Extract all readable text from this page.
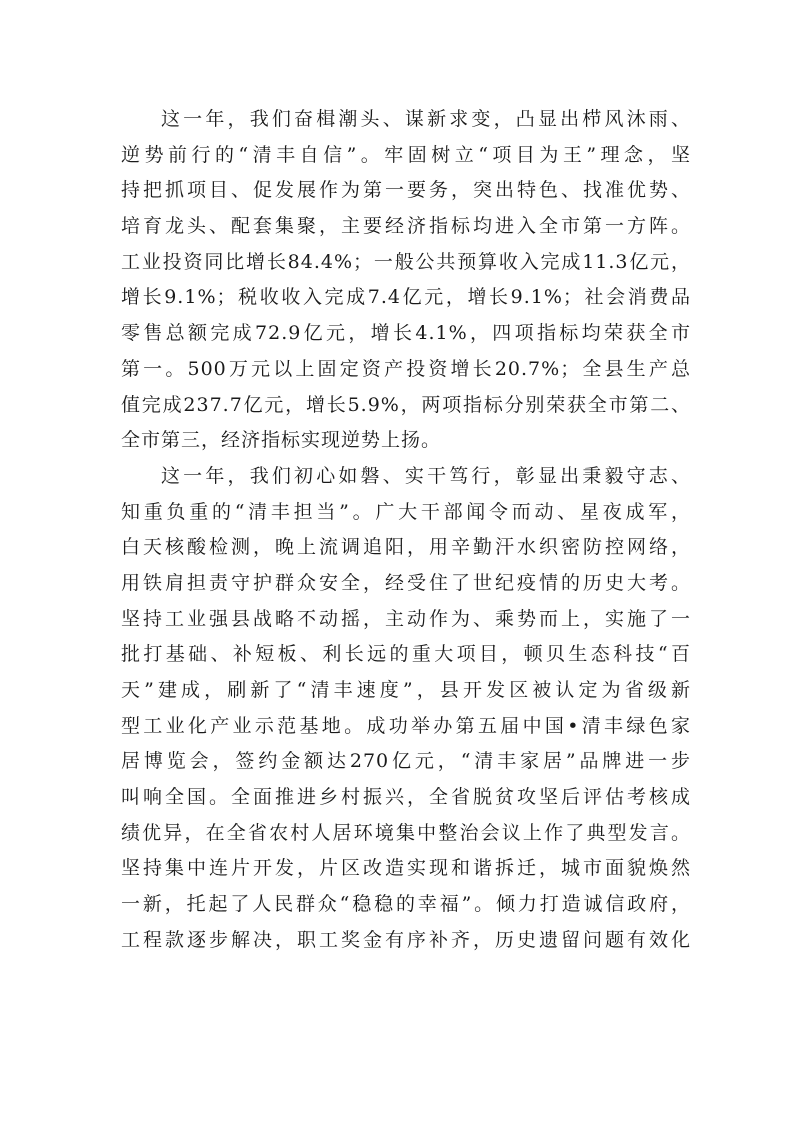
这一年，我们奋楫潮头、谋新求变，凸显出栉风沐雨、
逆势前行的“清丰自信”。牢固树立“项目为王”理念，坚
持把抓项目、促发展作为第一要务，突出特色、找准优势、
培育龙头、配套集聚，主要经济指标均进入全市第一方阵。
工业投资同比增长84.4%；一般公共预算收入完成11.3亿元，
增长9.1%；税收收入完成7.4亿元，增长9.1%；社会消费品
零售总额完成72.9亿元，增长4.1%，四项指标均荣获全市
第一。500万元以上固定资产投资增长20.7%；全县生产总
值完成237.7亿元，增长5.9%，两项指标分别荣获全市第二、
全市第三，经济指标实现逆势上扬。
这一年，我们初心如磐、实干笃行，彰显出秉毅守志、
知重负重的“清丰担当”。广大干部闻令而动、星夜成军，
白天核酸检测，晚上流调追阳，用辛勤汗水织密防控网络，
用铁肩担责守护群众安全，经受住了世纪疫情的历史大考。
坚持工业强县战略不动摇，主动作为、乘势而上，实施了一
批打基础、补短板、利长远的重大项目，顿贝生态科技“百
天”建成，刷新了“清丰速度”，县开发区被认定为省级新
型工业化产业示范基地。成功举办第五届中国•清丰绿色家
居博览会，签约金额达270亿元，“清丰家居”品牌进一步
叫响全国。全面推进乡村振兴，全省脱贫攻坚后评估考核成
绩优异，在全省农村人居环境集中整治会议上作了典型发言。
坚持集中连片开发，片区改造实现和谐拆迁，城市面貌焕然
一新，托起了人民群众“稳稳的幸福”。倾力打造诚信政府，
工程款逐步解决，职工奖金有序补齐，历史遗留问题有效化
